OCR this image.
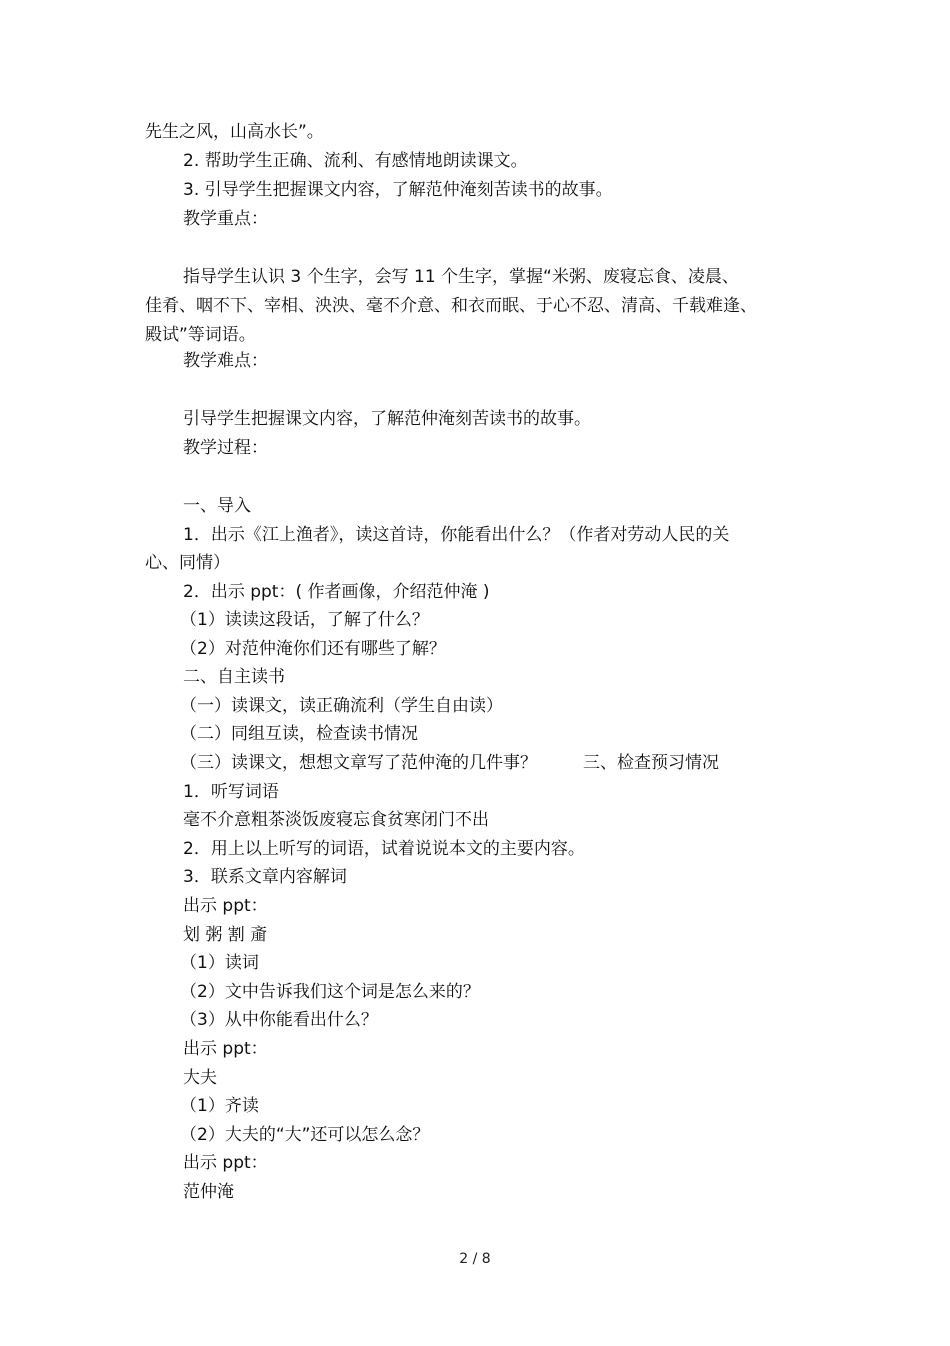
先生之风，山高水长”。
2. 帮助学生正确、流利、有感情地朗读课文。
3. 引导学生把握课文内容，了解范仲淹刻苦读书的故事。
教学重点：
指导学生认识 3 个生字，会写 11 个生字，掌握“米粥、废寝忘食、凌晨、
佳肴、咽不下、宰相、泱泱、毫不介意、和衣而眠、于心不忍、清高、千载难逢、
殿试”等词语。
教学难点：
引导学生把握课文内容，了解范仲淹刻苦读书的故事。
教学过程：
一、导入
1．出示《江上渔者》，读这首诗，你能看出什么？（作者对劳动人民的关
心、同情）
2．出示 ppt：( 作者画像，介绍范仲淹 )
（1）读读这段话，了解了什么？
（2）对范仲淹你们还有哪些了解？
二、自主读书
（一）读课文，读正确流利（学生自由读）
（二）同组互读，检查读书情况
（三）读课文，想想文章写了范仲淹的几件事？	三、检查预习情况
1．听写词语
毫不介意粗茶淡饭废寝忘食贫寒闭门不出
2．用上以上听写的词语，试着说说本文的主要内容。
3．联系文章内容解词
出示 ppt：
划 粥 割 齑
（1）读词
（2）文中告诉我们这个词是怎么来的？
（3）从中你能看出什么？
出示 ppt：
大夫
（1）齐读
（2）大夫的“大”还可以怎么念？
出示 ppt：
范仲淹
2 / 8
